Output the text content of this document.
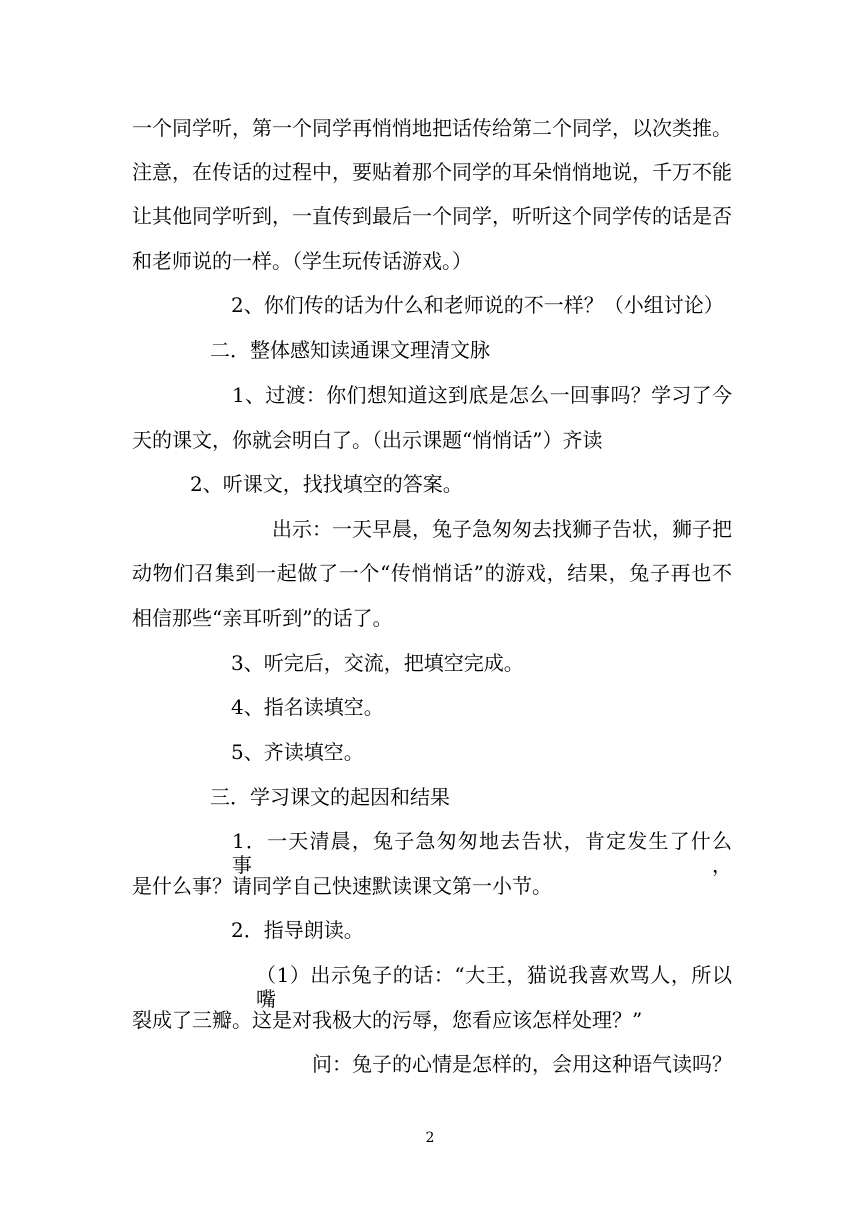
一个同学听，第一个同学再悄悄地把话传给第二个同学，以次类推。

注意，在传话的过程中，要贴着那个同学的耳朵悄悄地说，千万不能

让其他同学听到，一直传到最后一个同学，听听这个同学传的话是否

和老师说的一样。（学生玩传话游戏。）

2、你们传的话为什么和老师说的不一样？（小组讨论）

二．整体感知读通课文理清文脉

1、过渡：你们想知道这到底是怎么一回事吗？学习了今

天的课文，你就会明白了。（出示课题“悄悄话”）齐读

2、听课文，找找填空的答案。

出示：一天早晨，兔子急匆匆去找狮子告状，狮子把

动物们召集到一起做了一个“传悄悄话”的游戏，结果，兔子再也不

相信那些“亲耳听到”的话了。

3、听完后，交流，把填空完成。

4、指名读填空。

5、齐读填空。

三．学习课文的起因和结果

1．一天清晨，兔子急匆匆地去告状，肯定发生了什么事，

是什么事？请同学自己快速默读课文第一小节。

2．指导朗读。

（1）出示兔子的话：“大王，猫说我喜欢骂人，所以嘴

裂成了三瓣。这是对我极大的污辱，您看应该怎样处理？”

问：兔子的心情是怎样的，会用这种语气读吗？

2
